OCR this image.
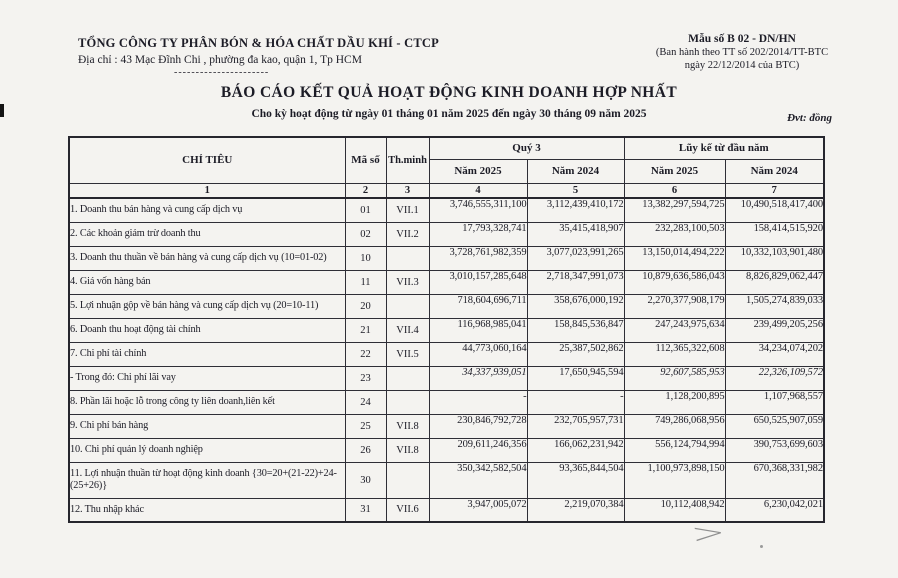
TỔNG CÔNG TY PHÂN BÓN & HÓA CHẤT DẦU KHÍ - CTCP
Địa chỉ : 43 Mạc Đĩnh Chi , phường đa kao, quận 1, Tp HCM
----------------------
Mẫu số B 02 - DN/HN
(Ban hành theo TT số 202/2014/TT-BTC
ngày 22/12/2014 của BTC)
BÁO CÁO KẾT QUẢ HOẠT ĐỘNG KINH DOANH HỢP NHẤT
Cho kỳ hoạt động từ ngày 01 tháng 01 năm 2025 đến ngày 30 tháng 09 năm 2025	Đvt: đồng
CHỈ TIÊU	Mã số	Th.minh	Quý 3		Lũy kế từ đầu năm	
			Năm 2025	Năm 2024	Năm 2025	Năm 2024
1	2	3	4	5	6	7
1. Doanh thu bán hàng và cung cấp dịch vụ	01	VII.1	3,746,555,311,100	3,112,439,410,172	13,382,297,594,725	10,490,518,417,400
2. Các khoản giảm trừ doanh thu	02	VII.2	17,793,328,741	35,415,418,907	232,283,100,503	158,414,515,920
3. Doanh thu thuần về bán hàng và cung cấp dịch vụ (10=01-02)	10		3,728,761,982,359	3,077,023,991,265	13,150,014,494,222	10,332,103,901,480
4. Giá vốn hàng bán	11	VII.3	3,010,157,285,648	2,718,347,991,073	10,879,636,586,043	8,826,829,062,447
5. Lợi nhuận gộp về bán hàng và cung cấp dịch vụ (20=10-11)	20		718,604,696,711	358,676,000,192	2,270,377,908,179	1,505,274,839,033
6. Doanh thu hoạt động tài chính	21	VII.4	116,968,985,041	158,845,536,847	247,243,975,634	239,499,205,256
7. Chi phí tài chính	22	VII.5	44,773,060,164	25,387,502,862	112,365,322,608	34,234,074,202
- Trong đó: Chi phí lãi vay	23		34,337,939,051	17,650,945,594	92,607,585,953	22,326,109,572
8. Phần lãi hoặc lỗ trong công ty liên doanh,liên kết	24		-	-	1,128,200,895	1,107,968,557
9. Chi phí bán hàng	25	VII.8	230,846,792,728	232,705,957,731	749,286,068,956	650,525,907,059
10. Chi phí quản lý doanh nghiệp	26	VII.8	209,611,246,356	166,062,231,942	556,124,794,994	390,753,699,603
11. Lợi nhuận thuần từ hoạt động kinh doanh {30=20+(21-22)+24-(25+26)}	30		350,342,582,504	93,365,844,504	1,100,973,898,150	670,368,331,982
12. Thu nhập khác	31	VII.6	3,947,005,072	2,219,070,384	10,112,408,942	6,230,042,021
>
